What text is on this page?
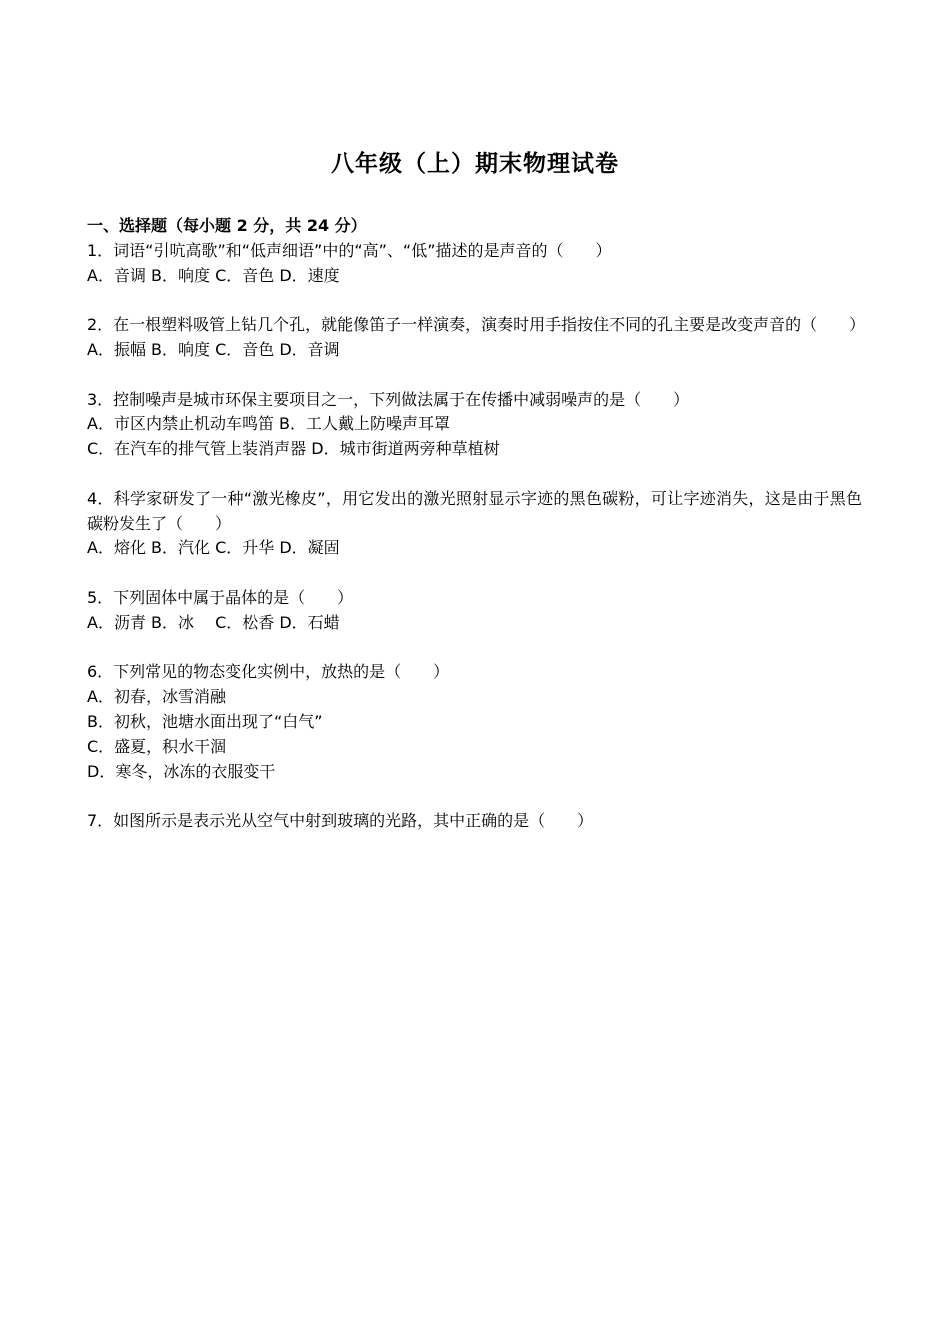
八年级（上）期末物理试卷
一、选择题（每小题 2 分，共 24 分）
1．词语“引吭高歌”和“低声细语”中的“高”、“低”描述的是声音的（　　）
A．音调 B．响度 C．音色 D．速度
2．在一根塑料吸管上钻几个孔，就能像笛子一样演奏，演奏时用手指按住不同的孔主要是改变声音的（　　）
A．振幅 B．响度 C．音色 D．音调
3．控制噪声是城市环保主要项目之一，下列做法属于在传播中减弱噪声的是（　　）
A．市区内禁止机动车鸣笛 B．工人戴上防噪声耳罩
C．在汽车的排气管上装消声器 D．城市街道两旁种草植树
4．科学家研发了一种“激光橡皮”，用它发出的激光照射显示字迹的黑色碳粉，可让字迹消失，这是由于黑色碳粉发生了（　　）
A．熔化 B．汽化 C．升华 D．凝固
5．下列固体中属于晶体的是（　　）
A．沥青 B．冰　 C．松香 D．石蜡
6．下列常见的物态变化实例中，放热的是（　　）
A．初春，冰雪消融
B．初秋，池塘水面出现了“白气”
C．盛夏，积水干涸
D．寒冬，冰冻的衣服变干
7．如图所示是表示光从空气中射到玻璃的光路，其中正确的是（　　）
